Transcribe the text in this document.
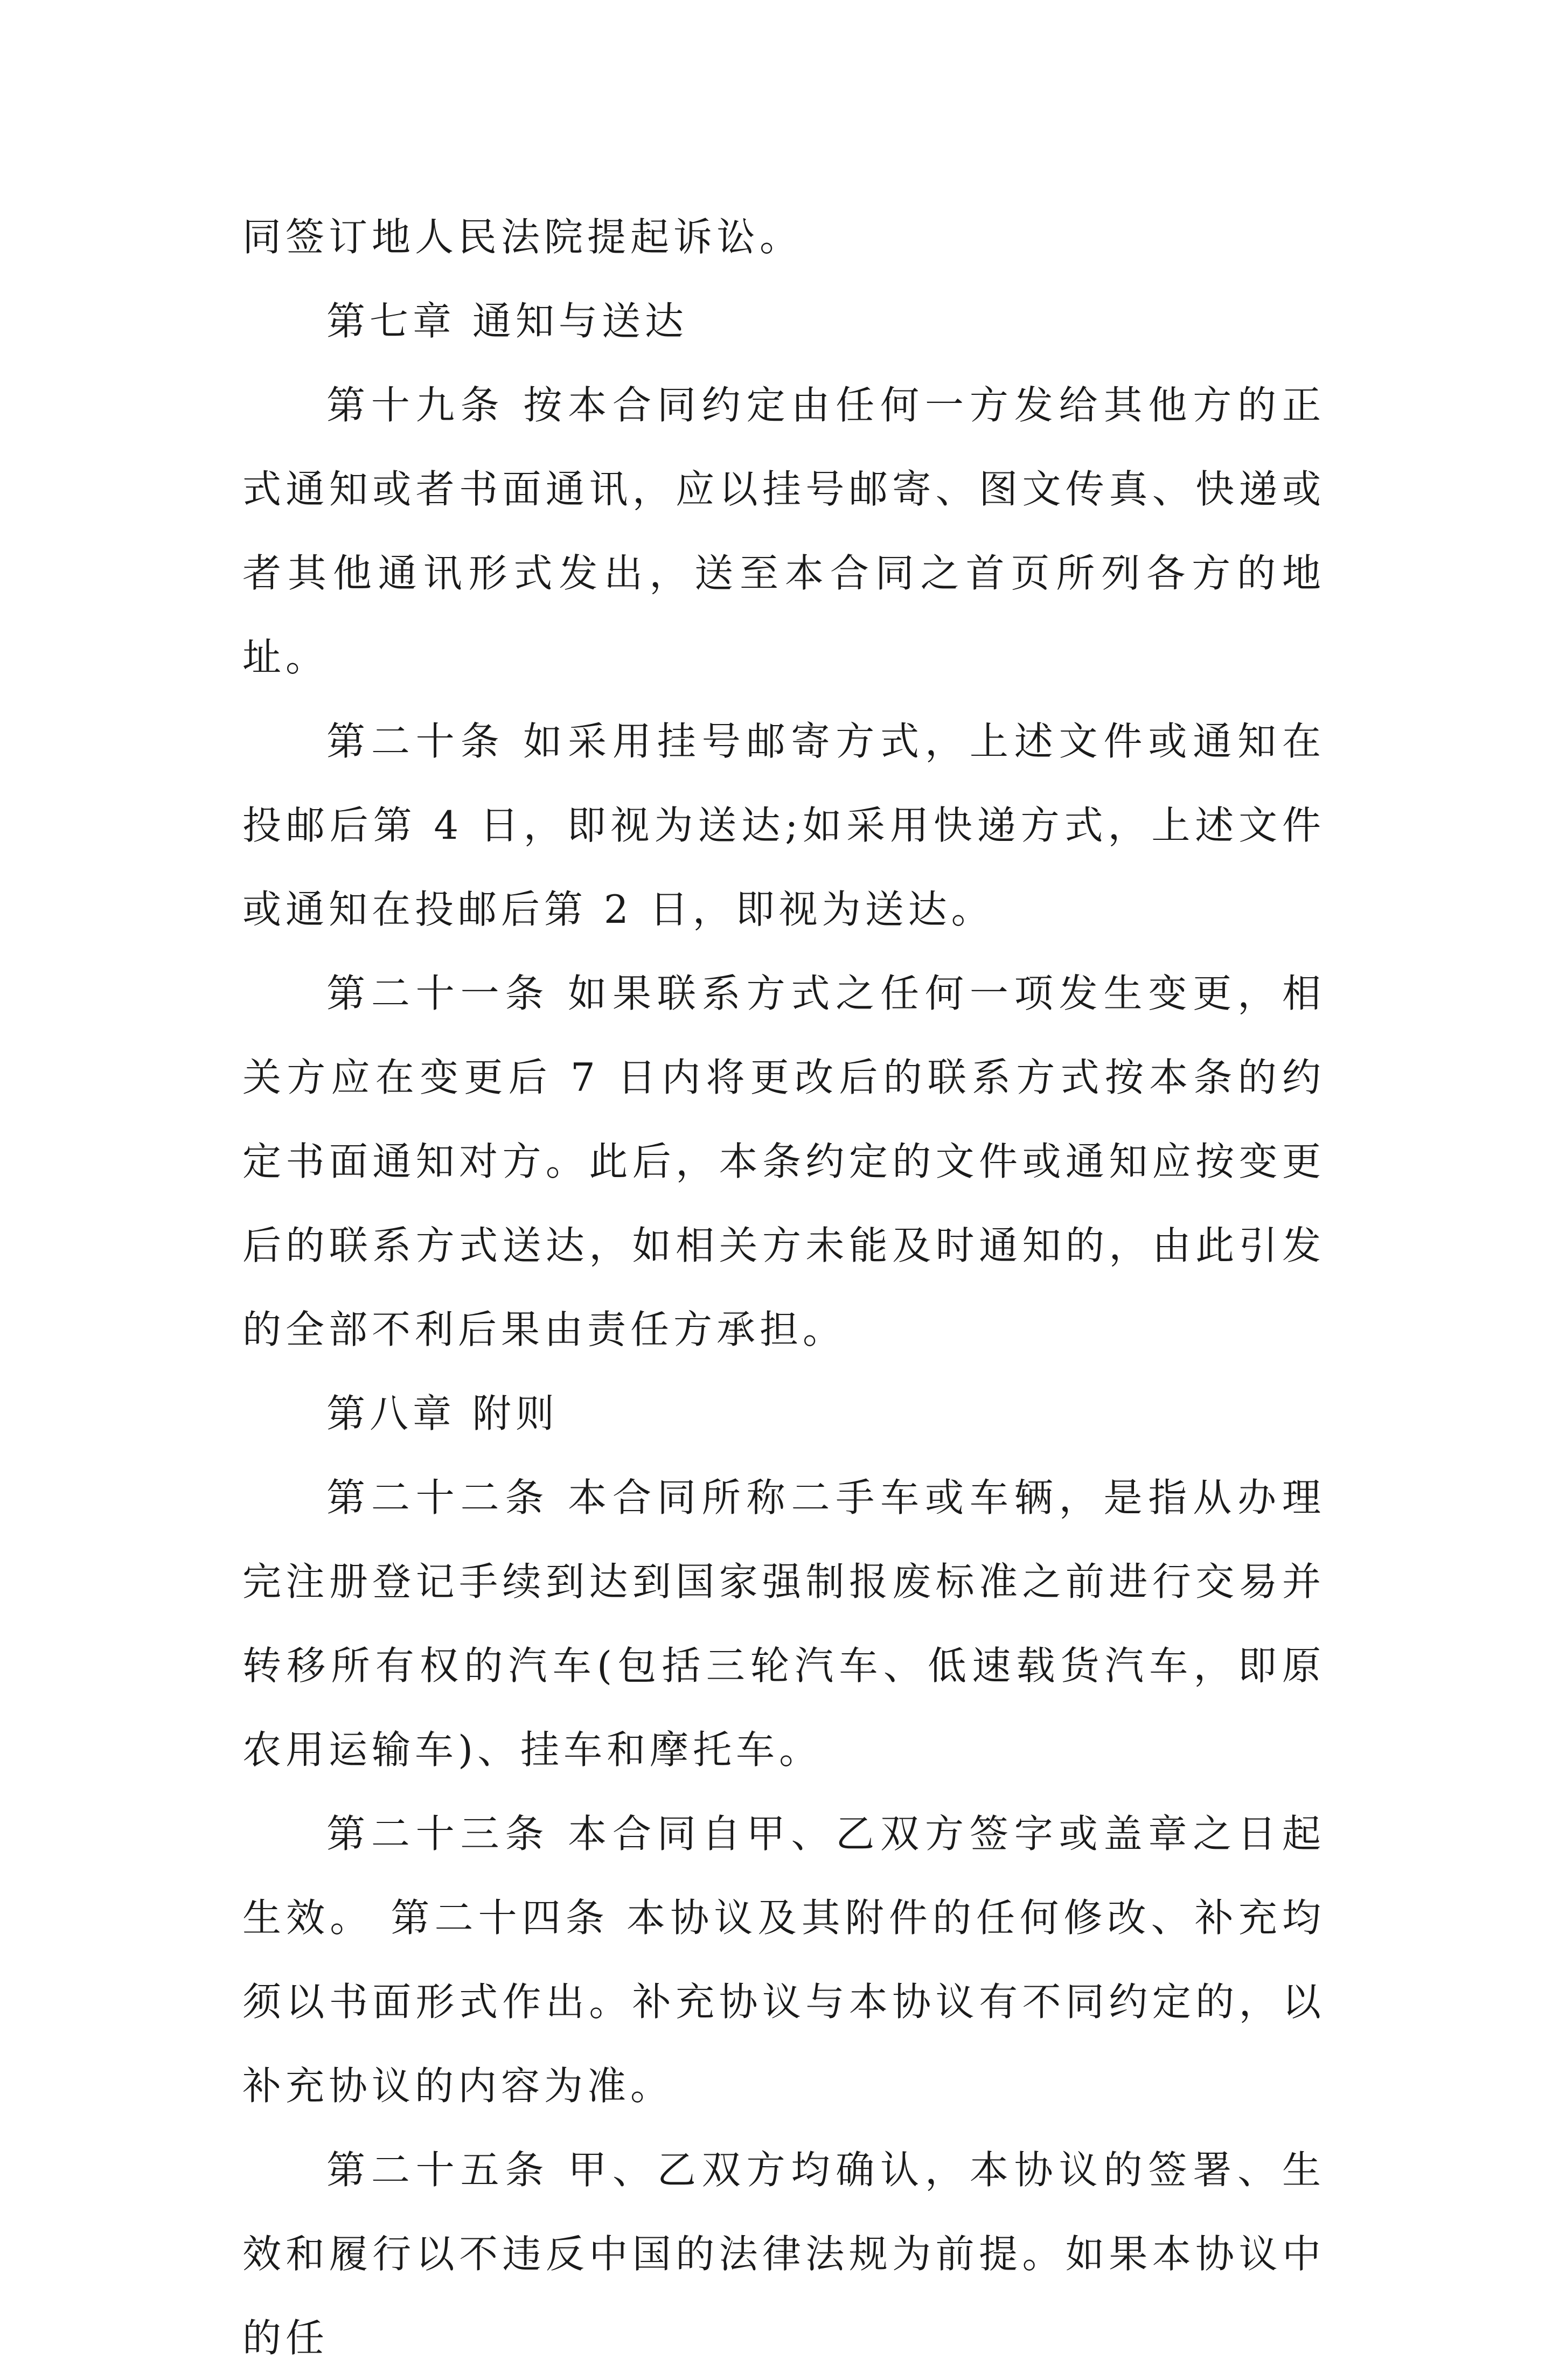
同签订地人民法院提起诉讼。

第七章 通知与送达

第十九条 按本合同约定由任何一方发给其他方的正式通知或者书面通讯，应以挂号邮寄、图文传真、快递或者其他通讯形式发出，送至本合同之首页所列各方的地址。

第二十条 如采用挂号邮寄方式，上述文件或通知在投邮后第 4 日，即视为送达;如采用快递方式，上述文件或通知在投邮后第 2 日，即视为送达。

第二十一条 如果联系方式之任何一项发生变更，相关方应在变更后 7 日内将更改后的联系方式按本条的约定书面通知对方。此后，本条约定的文件或通知应按变更后的联系方式送达，如相关方未能及时通知的，由此引发的全部不利后果由责任方承担。

第八章 附则

第二十二条 本合同所称二手车或车辆，是指从办理完注册登记手续到达到国家强制报废标准之前进行交易并转移所有权的汽车(包括三轮汽车、低速载货汽车，即原农用运输车)、挂车和摩托车。

第二十三条 本合同自甲、乙双方签字或盖章之日起生效。 第二十四条 本协议及其附件的任何修改、补充均须以书面形式作出。补充协议与本协议有不同约定的，以补充协议的内容为准。

第二十五条 甲、乙双方均确认，本协议的签署、生效和履行以不违反中国的法律法规为前提。如果本协议中的任
